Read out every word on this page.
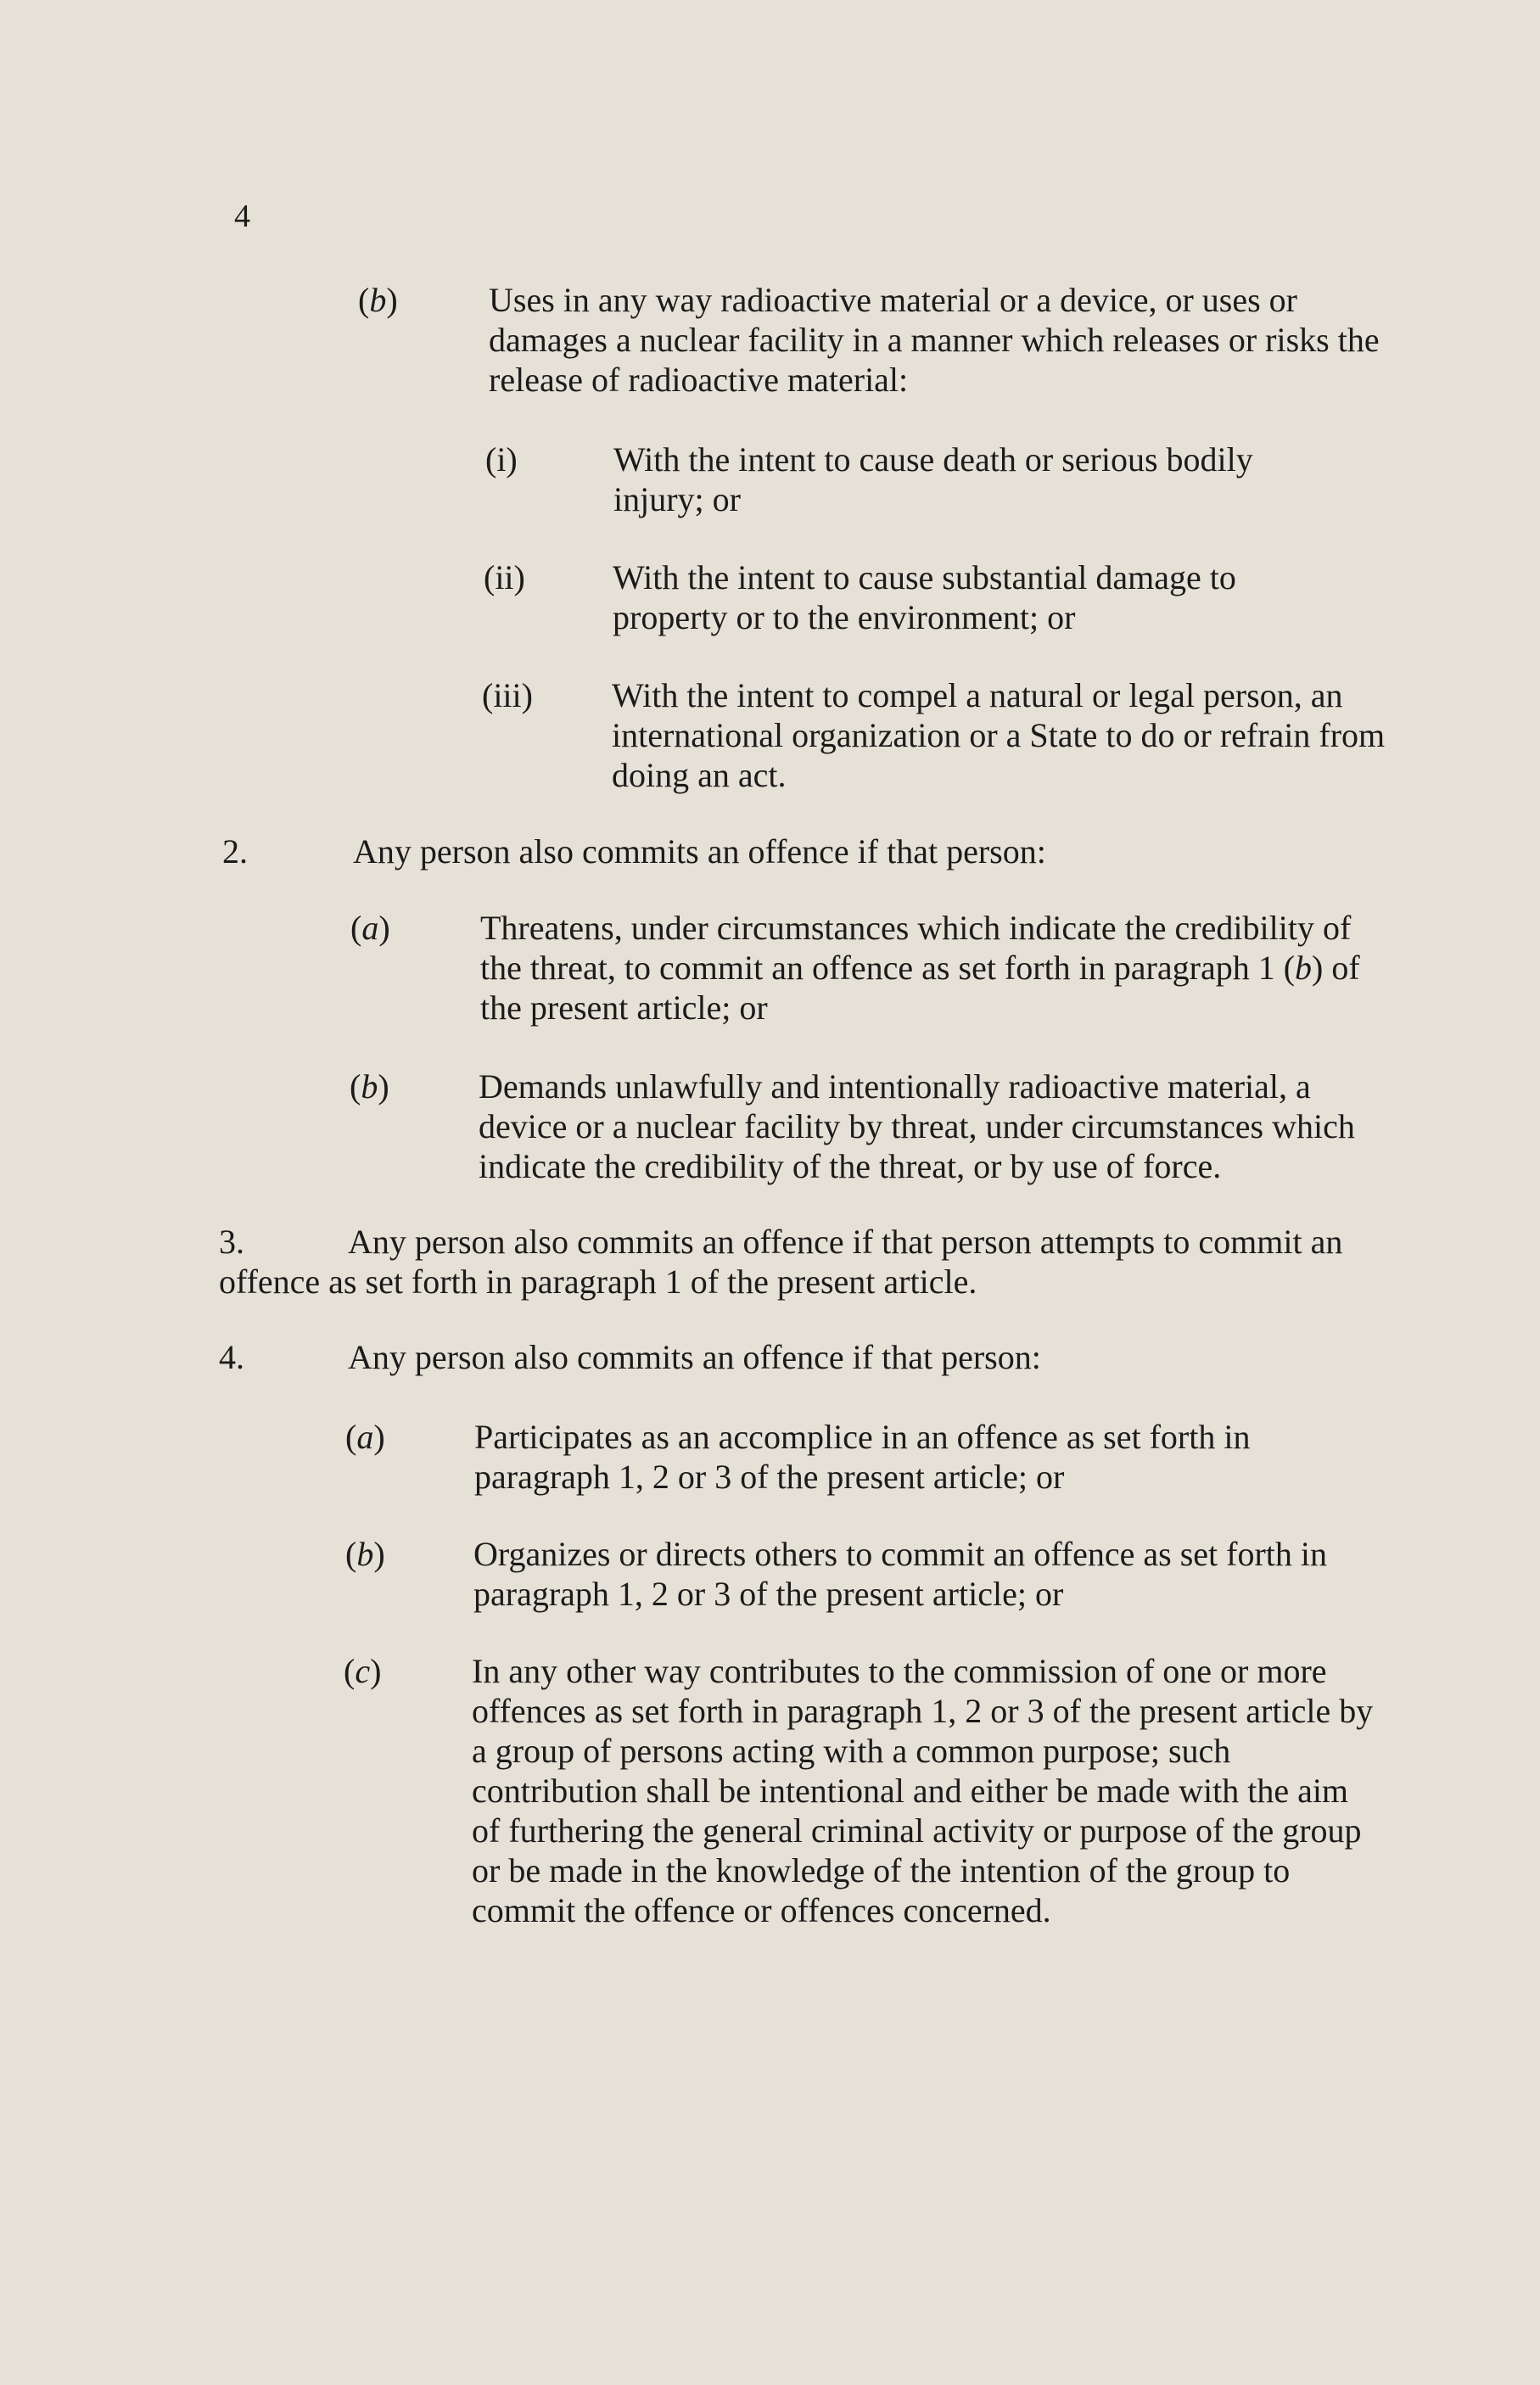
4
(b)	Uses in any way radioactive material or a device, or uses or damages a nuclear facility in a manner which releases or risks the release of radioactive material:
(i)	With the intent to cause death or serious bodily injury; or
(ii)	With the intent to cause substantial damage to property or to the environment; or
(iii) With the intent to compel a natural or legal person, an international organization or a State to do or refrain from doing an act.
2.	Any person also commits an offence if that person:
(a)	Threatens, under circumstances which indicate the credibility of the threat, to commit an offence as set forth in paragraph 1 (b) of the present article; or
(b)	Demands unlawfully and intentionally radioactive material, a device or a nuclear facility by threat, under circumstances which indicate the credibility of the threat, or by use of force.
3.	Any person also commits an offence if that person attempts to commit an offence as set forth in paragraph 1 of the present article.
4.	Any person also commits an offence if that person:
(a)	Participates as an accomplice in an offence as set forth in paragraph 1, 2 or 3 of the present article; or
(b)	Organizes or directs others to commit an offence as set forth in paragraph 1, 2 or 3 of the present article; or
(c)	In any other way contributes to the commission of one or more offences as set forth in paragraph 1, 2 or 3 of the present article by a group of persons acting with a common purpose; such contribution shall be intentional and either be made with the aim of furthering the general criminal activity or purpose of the group or be made in the knowledge of the intention of the group to commit the offence or offences concerned.
